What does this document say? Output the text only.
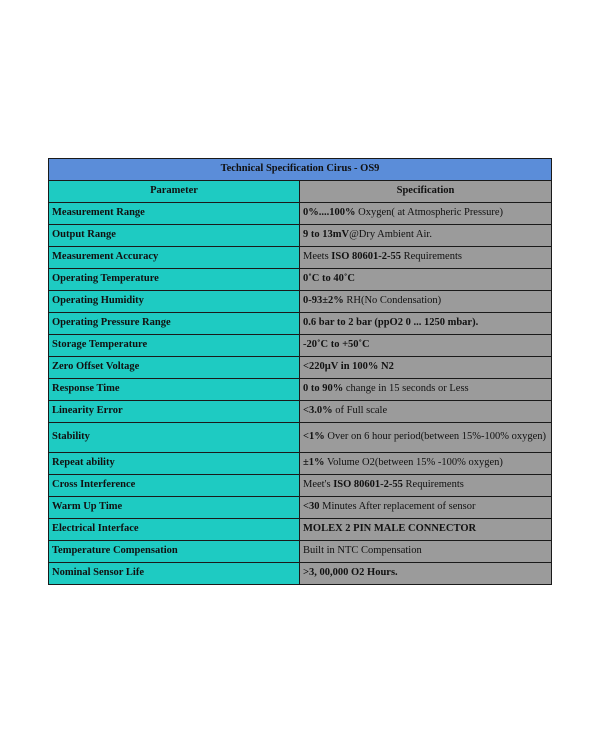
Technical Specification Cirus - OS9	
Parameter	Specification
Measurement Range	0%....100% Oxygen( at Atmospheric Pressure)
Output Range	9 to 13mV@Dry Ambient Air.
Measurement Accuracy	Meets ISO 80601-2-55 Requirements
Operating Temperature	0˚C to 40˚C
Operating Humidity	0-93±2% RH(No Condensation)
Operating Pressure Range	0.6 bar to 2 bar (ppO2 0 ... 1250 mbar).
Storage Temperature	-20˚C to +50˚C
Zero Offset Voltage	<220µV in 100% N2
Response Time	0 to 90% change in 15 seconds or Less
Linearity Error	<3.0% of Full scale
Stability	<1% Over on 6 hour period(between 15%-100% oxygen)
Repeat ability	±1% Volume O2(between 15% -100% oxygen)
Cross Interference	Meet's ISO 80601-2-55 Requirements
Warm Up Time	<30 Minutes After replacement of sensor
Electrical Interface	MOLEX 2 PIN MALE CONNECTOR
Temperature Compensation	Built in NTC Compensation
Nominal Sensor Life	>3, 00,000 O2 Hours.
